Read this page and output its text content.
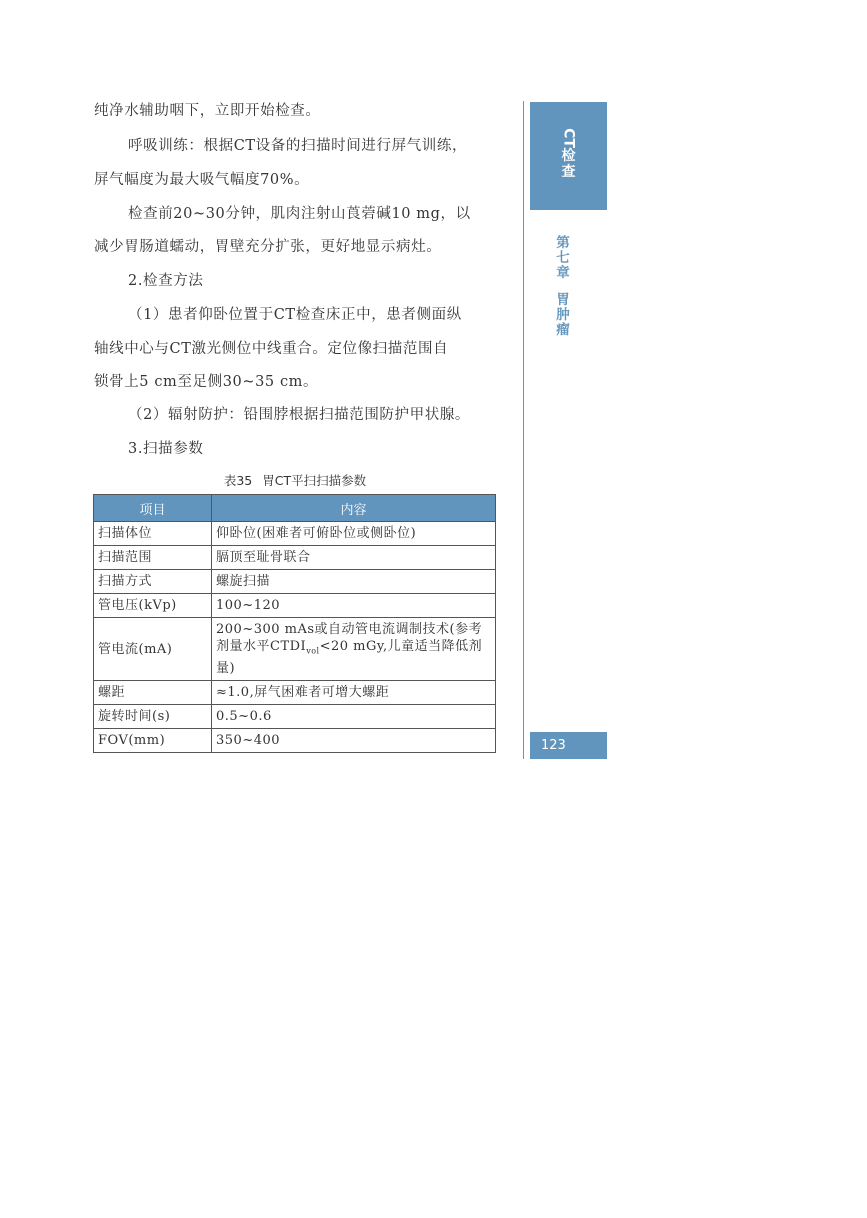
纯净水辅助咽下，立即开始检查。

呼吸训练：根据CT设备的扫描时间进行屏气训练，

屏气幅度为最大吸气幅度70%。

检查前20~30分钟，肌肉注射山莨菪碱10 mg，以

减少胃肠道蠕动，胃壁充分扩张，更好地显示病灶。

2.检查方法

（1）患者仰卧位置于CT检查床正中，患者侧面纵

轴线中心与CT激光侧位中线重合。定位像扫描范围自

锁骨上5 cm至足侧30~35 cm。

（2）辐射防护：铅围脖根据扫描范围防护甲状腺。

3.扫描参数

表35 胃CT平扫扫描参数
项目	内容
扫描体位	仰卧位(困难者可俯卧位或侧卧位)
扫描范围	膈顶至耻骨联合
扫描方式	螺旋扫描
管电压(kVp)	100~120
管电流(mA)	200~300 mAs或自动管电流调制技术(参考剂量水平$CTDI_{vol}<20$ mGy,儿童适当降低剂量)
螺距	≈1.0,屏气困难者可增大螺距
旋转时间(s)	0.5~0.6
FOV(mm)	350~400
CT
检查
第七章
胃肿瘤
123
